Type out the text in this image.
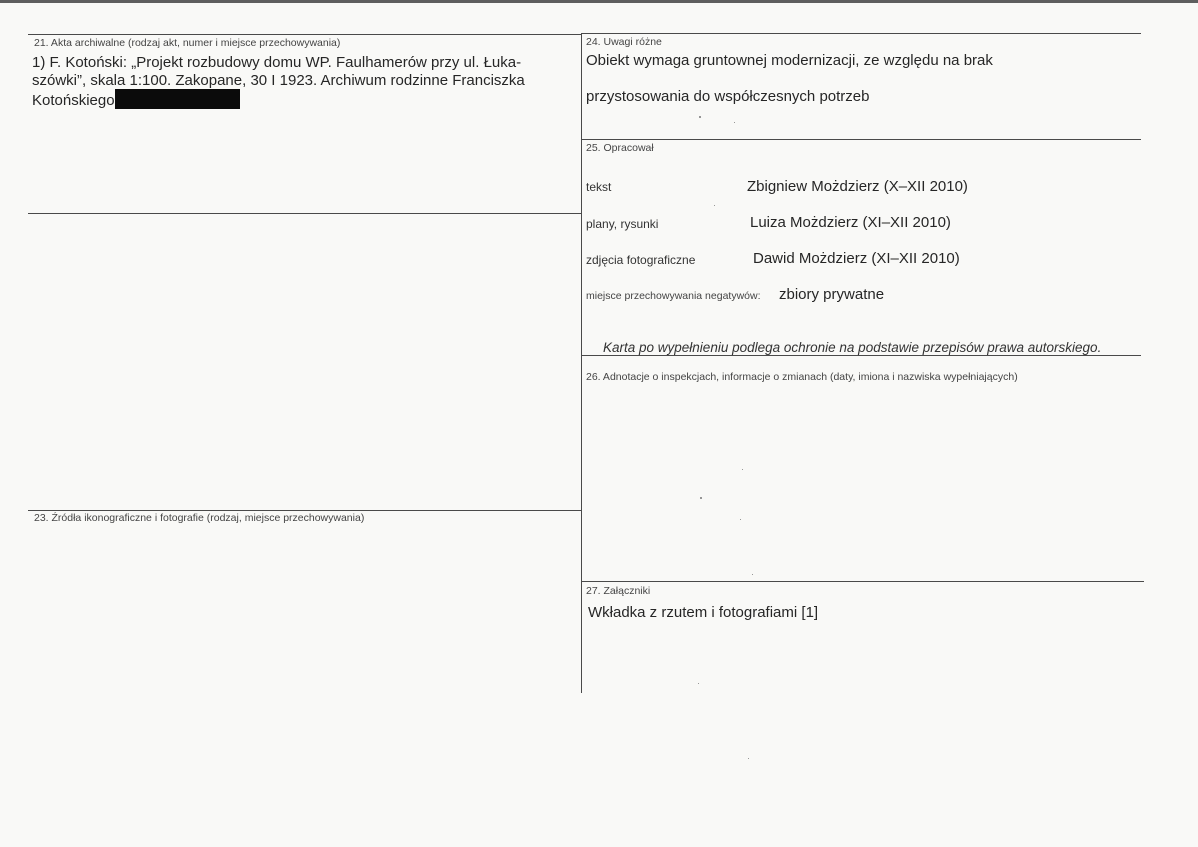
21. Akta archiwalne (rodzaj akt, numer i miejsce przechowywania)
1) F. Kotoński: „Projekt rozbudowy domu WP. Faulhamerów przy ul. Łuka-
szówki”, skala 1:100. Zakopane, 30 I 1923. Archiwum rodzinne Franciszka
Kotońskiego
23. Źródła ikonograficzne i fotografie (rodzaj, miejsce przechowywania)
24. Uwagi różne
Obiekt wymaga gruntownej modernizacji, ze względu na brak
przystosowania do współczesnych potrzeb
25. Opracował
tekst	Zbigniew Możdzierz (X–XII 2010)
plany, rysunki	Luiza Możdzierz (XI–XII 2010)
zdjęcia fotograficzne	Dawid Możdzierz (XI–XII 2010)
miejsce przechowywania negatywów: zbiory prywatne
Karta po wypełnieniu podlega ochronie na podstawie przepisów prawa autorskiego.
26. Adnotacje o inspekcjach, informacje o zmianach (daty, imiona i nazwiska wypełniających)
27. Załączniki
Wkładka z rzutem i fotografiami [1]
